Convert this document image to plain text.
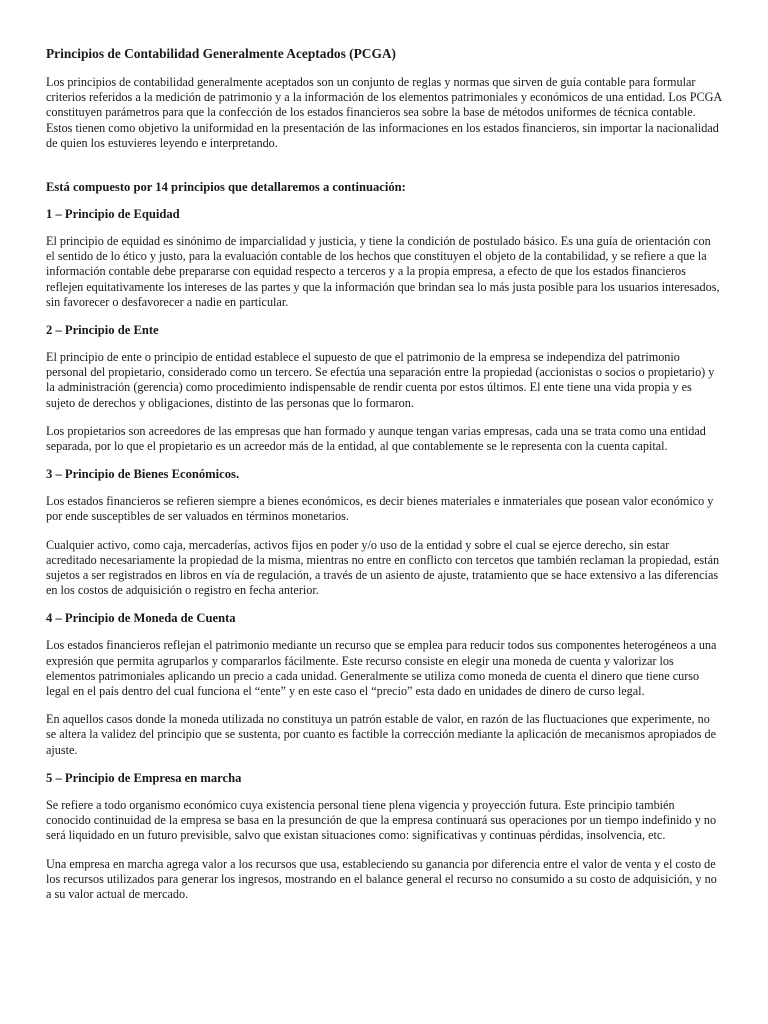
Principios de Contabilidad Generalmente Aceptados (PCGA)

Los principios de contabilidad generalmente aceptados son un conjunto de reglas y normas que sirven de guía contable para formular criterios referidos a la medición de patrimonio y a la información de los elementos patrimoniales y económicos de una entidad. Los PCGA constituyen parámetros para que la confección de los estados financieros sea sobre la base de métodos uniformes de técnica contable. Estos tienen como objetivo la uniformidad en la presentación de las informaciones en los estados financieros, sin importar la nacionalidad de quien los estuvieres leyendo e interpretando.

Está compuesto por 14 principios que detallaremos a continuación:
1 – Principio de Equidad

El principio de equidad es sinónimo de imparcialidad y justicia, y tiene la condición de postulado básico. Es una guía de orientación con el sentido de lo ético y justo, para la evaluación contable de los hechos que constituyen el objeto de la contabilidad, y se refiere a que la información contable debe prepararse con equidad respecto a terceros y a la propia empresa, a efecto de que los estados financieros reflejen equitativamente los intereses de las partes y que la información que brindan sea lo más justa posible para los usuarios interesados, sin favorecer o desfavorecer a nadie en particular.

2 – Principio de Ente

El principio de ente o principio de entidad establece el supuesto de que el patrimonio de la empresa se independiza del patrimonio personal del propietario, considerado como un tercero. Se efectúa una separación entre la propiedad (accionistas o socios o propietario) y la administración (gerencia) como procedimiento indispensable de rendir cuenta por estos últimos. El ente tiene una vida propia y es sujeto de derechos y obligaciones, distinto de las personas que lo formaron.

Los propietarios son acreedores de las empresas que han formado y aunque tengan varias empresas, cada una se trata como una entidad separada, por lo que el propietario es un acreedor más de la entidad, al que contablemente se le representa con la cuenta capital.

3 – Principio de Bienes Económicos.

Los estados financieros se refieren siempre a bienes económicos, es decir bienes materiales e inmateriales que posean valor económico y por ende susceptibles de ser valuados en términos monetarios.

Cualquier activo, como caja, mercaderías, activos fijos en poder y/o uso de la entidad y sobre el cual se ejerce derecho, sin estar acreditado necesariamente la propiedad de la misma, mientras no entre en conflicto con tercetos que también reclaman la propiedad, están sujetos a ser registrados en libros en vía de regulación, a través de un asiento de ajuste, tratamiento que se hace extensivo a las diferencias en los costos de adquisición o registro en fecha anterior.

4 – Principio de Moneda de Cuenta

Los estados financieros reflejan el patrimonio mediante un recurso que se emplea para reducir todos sus componentes heterogéneos a una expresión que permita agruparlos y compararlos fácilmente. Este recurso consiste en elegir una moneda de cuenta y valorizar los elementos patrimoniales aplicando un precio a cada unidad. Generalmente se utiliza como moneda de cuenta el dinero que tiene curso legal en el país dentro del cual funciona el “ente” y en este caso el “precio” esta dado en unidades de dinero de curso legal.

En aquellos casos donde la moneda utilizada no constituya un patrón estable de valor, en razón de las fluctuaciones que experimente, no se altera la validez del principio que se sustenta, por cuanto es factible la corrección mediante la aplicación de mecanismos apropiados de ajuste.

5 – Principio de Empresa en marcha

Se refiere a todo organismo económico cuya existencia personal tiene plena vigencia y proyección futura. Este principio también conocido continuidad de la empresa se basa en la presunción de que la empresa continuará sus operaciones por un tiempo indefinido y no será liquidado en un futuro previsible, salvo que existan situaciones como: significativas y continuas pérdidas, insolvencia, etc.

Una empresa en marcha agrega valor a los recursos que usa, estableciendo su ganancia por diferencia entre el valor de venta y el costo de los recursos utilizados para generar los ingresos, mostrando en el balance general el recurso no consumido a su costo de adquisición, y no a su valor actual de mercado.
